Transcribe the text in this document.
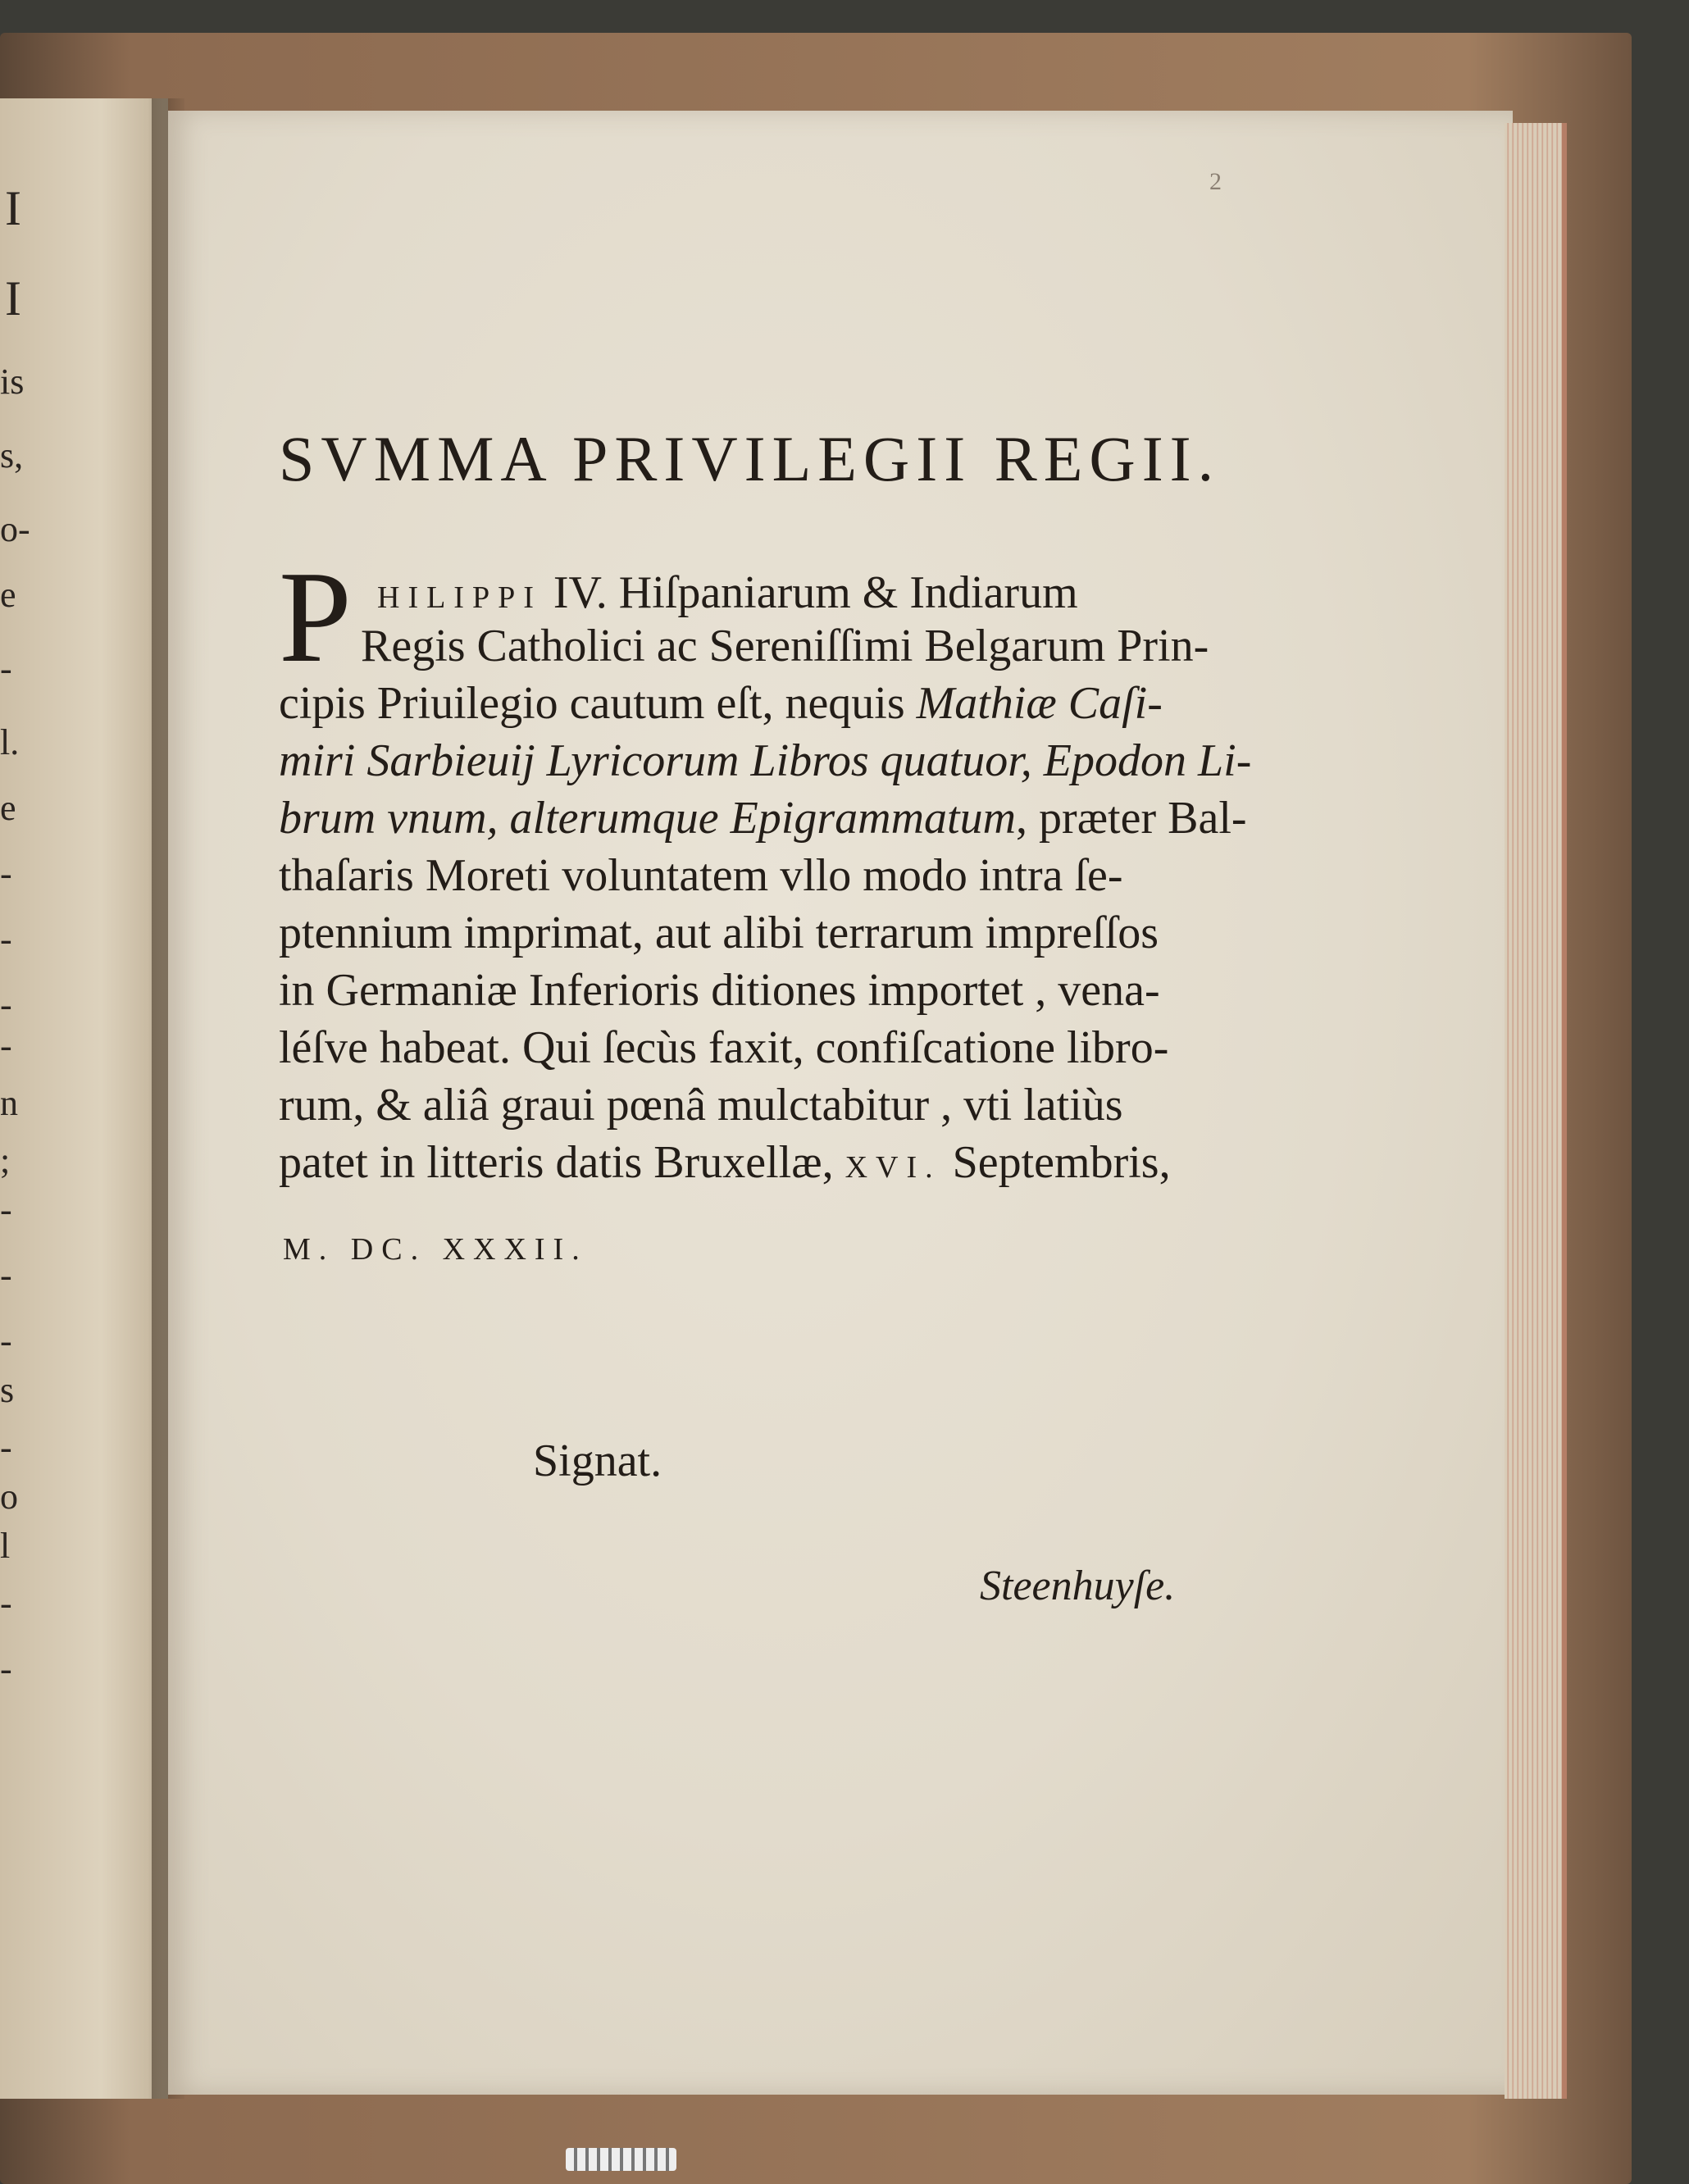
I
I
is
s,
o-
e
-
l.
e
-
-
-
-
n
;
-
-
-
s
-
o
l
-
-
2
SVMMA PRIVILEGII REGII.
P HILIPPI IV. Hiſpaniarum & Indiarum
Regis Catholici ac Sereniſſimi Belgarum Prin-
cipis Priuilegio cautum eſt, nequis Mathiæ Caſi-
miri Sarbieuij Lyricorum Libros quatuor, Epodon Li-
brum vnum, alterumque Epigrammatum, præter Bal-
thaſaris Moreti voluntatem vllo modo intra ſe-
ptennium imprimat, aut alibi terrarum impreſſos
in Germaniæ Inferioris ditiones importet , vena-
léſve habeat. Qui ſecùs faxit, confiſcatione libro-
rum, & aliâ graui pœnâ mulctabitur , vti latiùs
patet in litteris datis Bruxellæ, XVI. Septembris,
M. DC. XXXII.
Signat.
Steenhuyſe.
